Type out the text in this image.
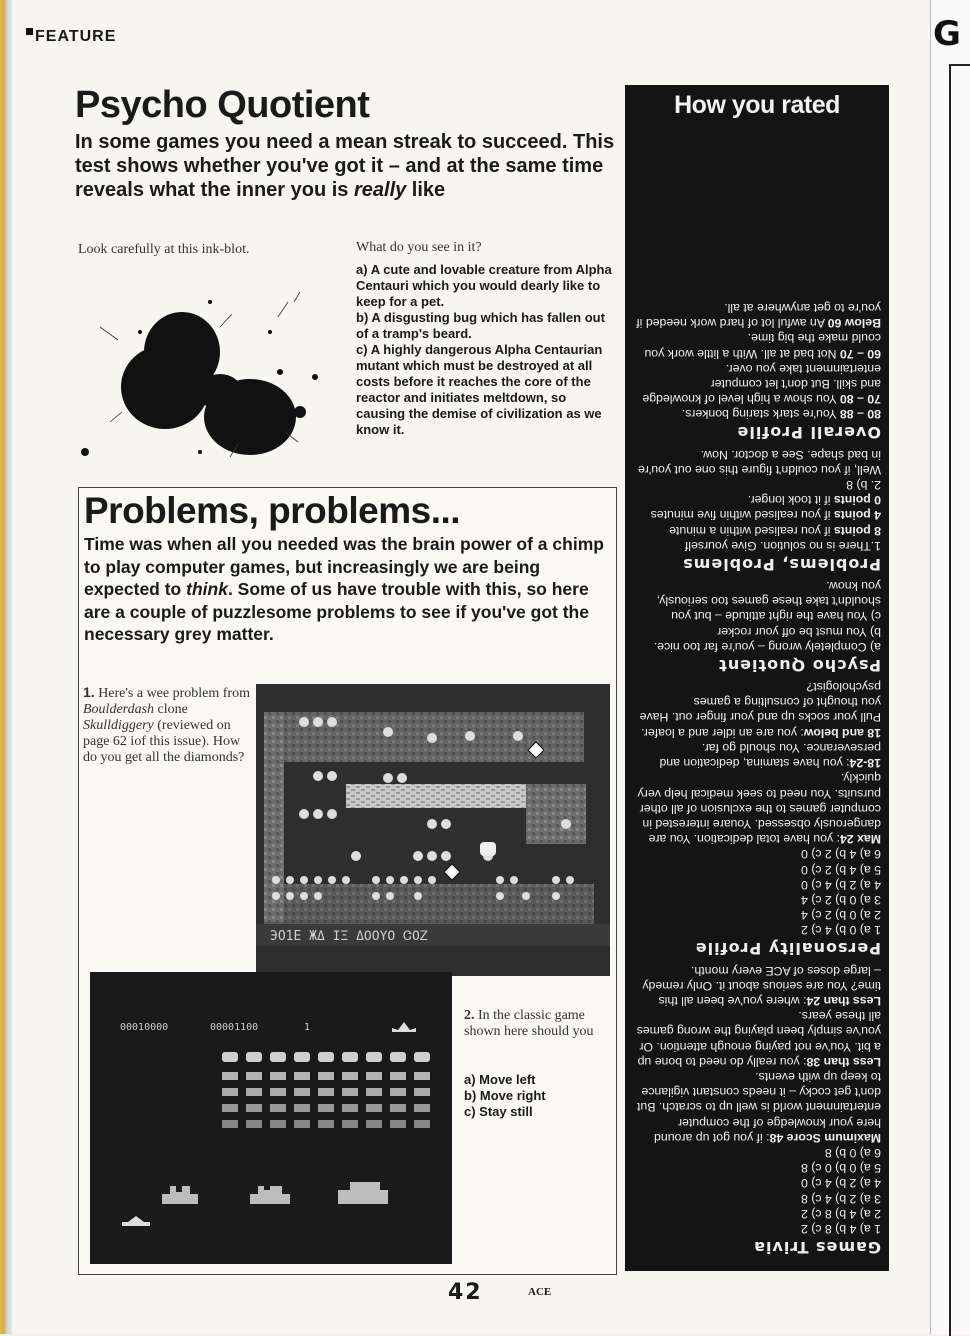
G
FEATURE
Psycho Quotient
In some games you need a mean streak to succeed. This test shows whether you've got it – and at the same time reveals what the inner you is really like
Look carefully at this ink-blot.	What do you see in it?
a) A cute and lovable creature from Alpha Centauri which you would dearly like to keep for a pet.
b) A disgusting bug which has fallen out of a tramp's beard.
c) A highly dangerous Alpha Centaurian mutant which must be destroyed at all costs before it reaches the core of the reactor and initiates meltdown, so causing the demise of civilization as we know it.
Problems, problems...
Time was when all you needed was the brain power of a chimp to play computer games, but increasingly we are being expected to think. Some of us have trouble with this, so here are a couple of puzzlesome problems to see if you've got the necessary grey matter.
1. Here's a wee problem from Boulderdash clone Skulldiggery (reviewed on page 62 iof this issue). How do you get all the diamonds?
ЭО1Е ЖΔ ΙΞ ΔΟΟΥΟ ᏣΟᏃ
00010000	00001100	1
2. In the classic game shown here should you
a) Move left
b) Move right
c) Stay still
How you rated
Games Trivia

1 a) 4 b) 8 c) 2

2 a) 4 b) 8 c) 2

3 a) 2 b) 4 c) 8

4 a) 2 b) 4 c) 0

5 a) 0 b) 0 c) 8

6 a) 0 b) 8

Maximum Score 48: if you got up around here your knowledge of the computer entertainment world is well up to scratch. But don't get cocky – it needs constant vigilance to keep up with events.

Less than 38: you really do need to bone up a bit. You've not paying enough attention. Or you've simply been playing the wrong games all these years.

Less than 24: where you've been all this time? You are serious about it. Only remedy – large doses of ACE every month.

Personality Profile

1 a) 0 b) 4 c) 2

2 a) 0 b) 2 c) 4

3 a) 0 b) 2 c) 4

4 a) 2 b) 4 c) 0

5 a) 4 b) 2 c) 0

6 a) 4 b) 2 c) 0

Max 24: you have total dedication. You are dangerously obsessed. Youare interested in computer games to the exclusion of all other pursuits. You need to seek medical help very quickly.

18-24: you have stamina, dedication and perseverance. You should go far.

18 and below: you are an idler and a loafer. Pull your socks up and your finger out. Have you thought of consulting a games psychologist?

Psycho Quotient

a) Completely wrong – you're far too nice.

b) You must be off your rocker

c) You have the right attitude – but you shouldn't take these games too seriously, you know.

Problems, Problems

1.There is no solution. Give yourself

8 points if you realised within a minute

4 points if you realised within five minutes

0 points if it took longer.

2. b) 8

Well, if you couldn't figure this one out you're in bad shape. See a doctor. Now.

Overall Profile

80 – 88 You're stark staring bonkers.

70 – 80 You show a high level of knowledge and skill. But don't let computer entertainment take you over.

60 – 70 Not bad at all. With a little work you could make the big time.

Below 60 An awful lot of hard work needed if you're to get anywhere at all.

42	ACE
